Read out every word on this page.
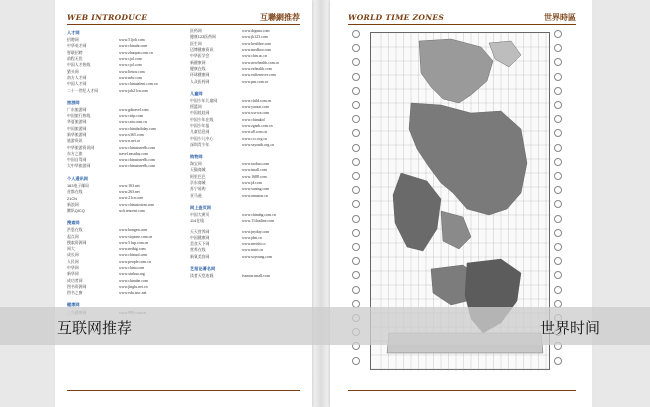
WEB INTRODUCE	互聯網推荐
人才网
招聘网	www.51job.com
中华英才网	www.chinahr.com
智联招聘	www.zhaopin.com.cn
前程无忧	www.cjol.com
中国人才热线	www.cjol.com
猎头网	www.lietou.com
南方人才网	www.nrhr.com
中国人才网	www.chinatalent.com.cn
二十一世纪人才网	www.job21cn.com
旅游网
广东旅游网	www.gdtravel.com
中国旅行热线	www.ctrip.com
华夏旅游网	www.cnta.com.cn
中国旅游网	www.chinaholiday.com
新华旅游网	www.x365.com
旅游资讯	www.n.net.cn
中华旅游资讯网	www.chinatravelb.com
东方之旅	travel.eastday.com
中国自驾网	www.chinatravelb.com
大中华旅游网	www.chinatravelb.com
个人通讯网
163电子邮局	www.163.net
首都在线	www.263.net
21CN	www.21cn.com
新浪网	www.chinatorizm.com
腾讯QICQ	soft.tencent.com
搜索网
洪恩在线	www.hongen.com
起点网	www.sicpone.com.cn
搜索资源网	www.51up.com.cn
网大	www.netbig.com
成长网	www.chinaol.com
人民网	www.people.com.cn
中华网	www.china.com
新华网	www.xinhua.org
成功者网	www.chinabe.com
图书资源网	www.jinglu.net.cn
图书之窗	www.edu.tzsc.net
健康网
医药网	www.drguna.com
健康123医药网	www.jk123.com
医生网	www.healthre.com
迈博健康资讯	www.medboo.com
中华医学会	www.chin.ac.cn
新健康网	www.newhealth.com.cn
健康在线	www.ezhealth.com
环球健康网	www.eufiesercer.com
人众医药网	www.pm.com.cn
儿童网
中国少年儿童网	www.child.com.cn
摇篮网	www.yaosai.com
中国娃娃网	www.wa-wa.com
中国少年在线	www.chinakid
中国少年报	www.zgsnb.com.cn
儿童信息网	www.a8.com.cn
中国少儿中心	www.ccc.org.cn
深圳青少年	www.szyouth.org.cn
购物网
淘宝网	www.taobao.com
天猫商城	www.tmall.com
阿里巴巴	www.1688.com
京东商城	www.jd.com
苏宁易购	www.suning.com
亚马逊	www.amazon.cn
网上查页网
中国大黄页	www.chinabg.com.cn
114在线	www.114online.com
天天营养网	www.jnyday.com
中国健康网	www.jdm.cn
美食天下网	www.meishi.cc
营养在线	www.nutri.cn
新氧美容网	www.soyoung.com
艺报论著名网
读者天堂连载	fssmon.tmall.com
WORLD TIME ZONES	世界時區
互联网推荐	世界时间
